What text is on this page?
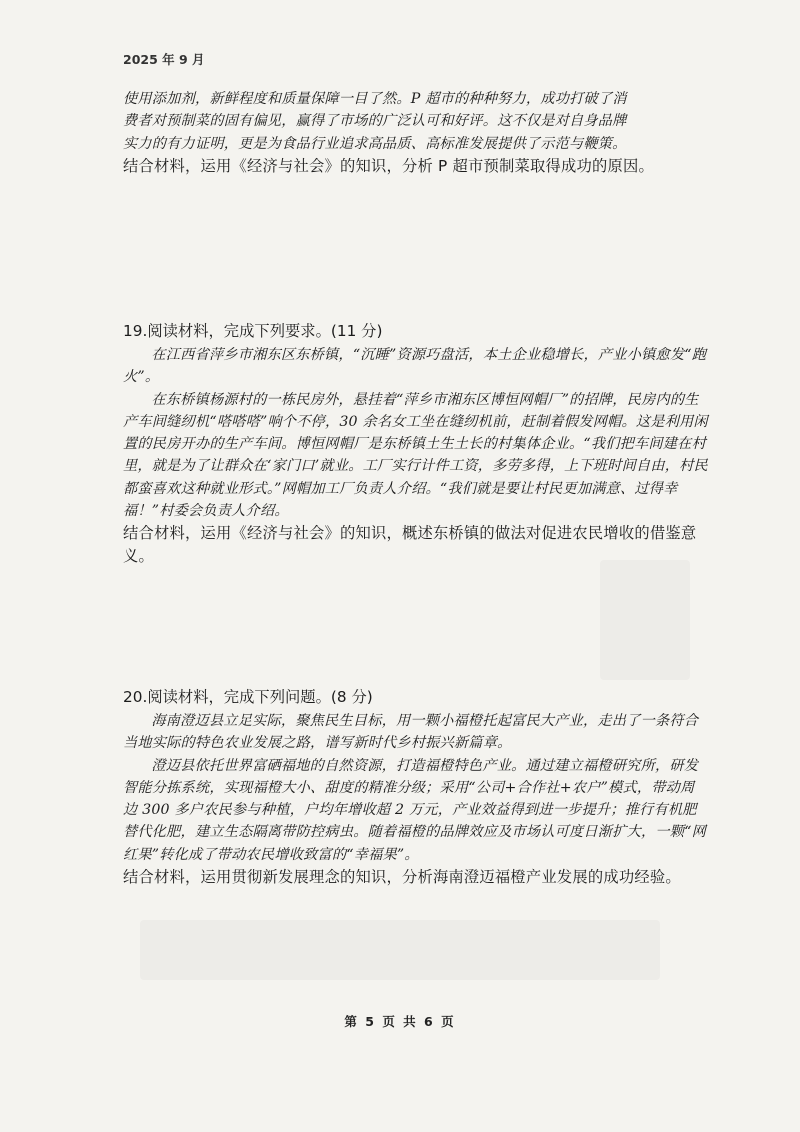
2025 年 9 月

使用添加剂，新鲜程度和质量保障一目了然。P 超市的种种努力，成功打破了消

费者对预制菜的固有偏见，赢得了市场的广泛认可和好评。这不仅是对自身品牌

实力的有力证明，更是为食品行业追求高品质、高标准发展提供了示范与鞭策。

结合材料，运用《经济与社会》的知识，分析 P 超市预制菜取得成功的原因。

19.阅读材料，完成下列要求。(11 分)

在江西省萍乡市湘东区东桥镇，“沉睡”资源巧盘活，本土企业稳增长，产业小镇愈发“跑火”。

在东桥镇杨源村的一栋民房外，悬挂着“萍乡市湘东区博恒网帽厂”的招牌，民房内的生产车间缝纫机“嗒嗒嗒”响个不停，30 余名女工坐在缝纫机前，赶制着假发网帽。这是利用闲置的民房开办的生产车间。博恒网帽厂是东桥镇土生土长的村集体企业。“我们把车间建在村里，就是为了让群众在‘家门口’就业。工厂实行计件工资，多劳多得，上下班时间自由，村民都蛮喜欢这种就业形式。”网帽加工厂负责人介绍。“我们就是要让村民更加满意、过得幸福！”村委会负责人介绍。

结合材料，运用《经济与社会》的知识，概述东桥镇的做法对促进农民增收的借鉴意义。

20.阅读材料，完成下列问题。(8 分)

海南澄迈县立足实际，聚焦民生目标，用一颗小福橙托起富民大产业，走出了一条符合当地实际的特色农业发展之路，谱写新时代乡村振兴新篇章。

澄迈县依托世界富硒福地的自然资源，打造福橙特色产业。通过建立福橙研究所，研发智能分拣系统，实现福橙大小、甜度的精准分级；采用“公司+合作社+农户”模式，带动周边 300 多户农民参与种植，户均年增收超 2 万元，产业效益得到进一步提升；推行有机肥替代化肥，建立生态隔离带防控病虫。随着福橙的品牌效应及市场认可度日渐扩大，一颗“网红果”转化成了带动农民增收致富的“幸福果”。

结合材料，运用贯彻新发展理念的知识，分析海南澄迈福橙产业发展的成功经验。

第 5 页 共 6 页
